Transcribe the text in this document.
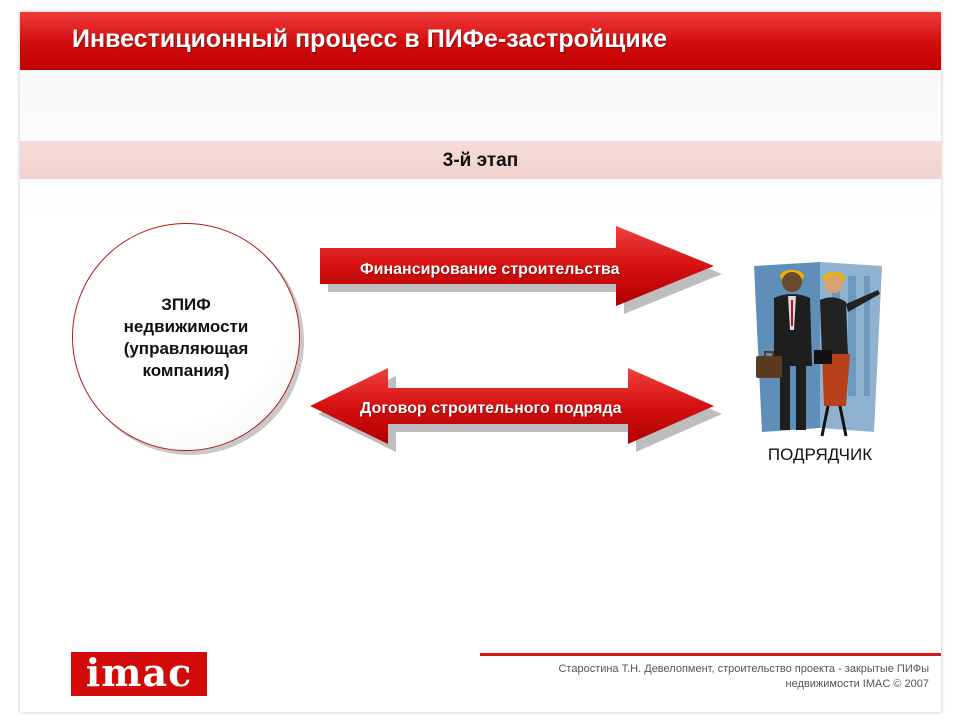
Инвестиционный процесс в ПИФе-застройщике
3-й этап
ЗПИФ
недвижимости
(управляющая
компания)
Финансирование строительства
Договор строительного подряда
ПОДРЯДЧИК
imac	Старостина Т.Н. Девелопмент, строительство проекта - закрытые ПИФы
недвижимости IMAC © 2007
